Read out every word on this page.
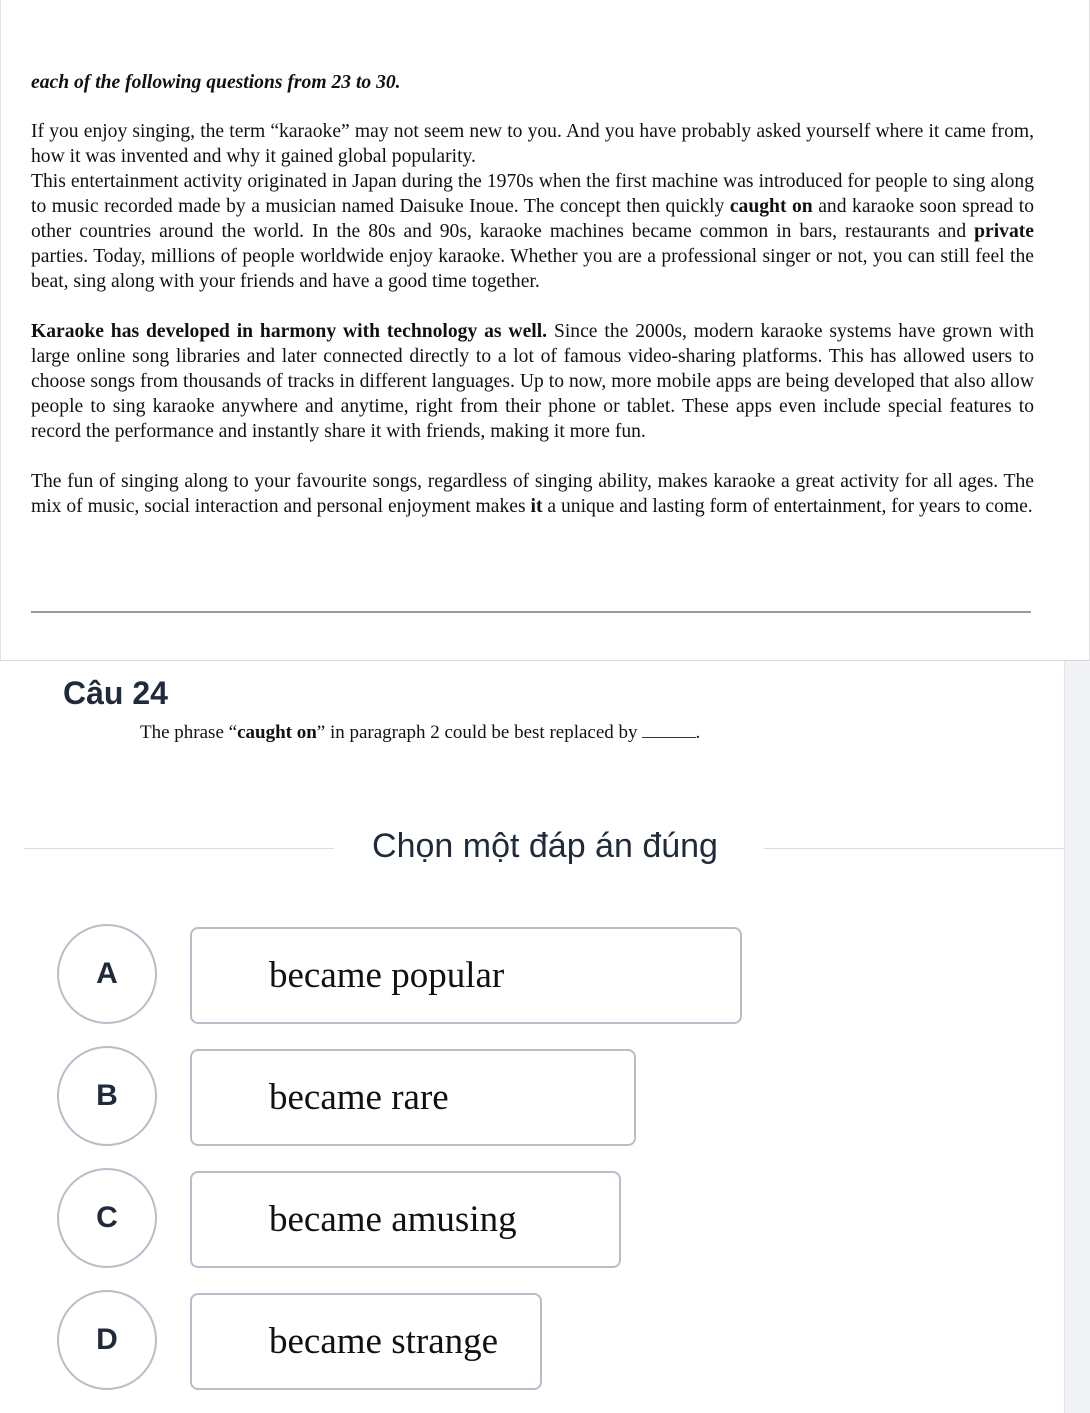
each of the following questions from 23 to 30.

If you enjoy singing, the term “karaoke” may not seem new to you. And you have probably asked yourself where it came from, how it was invented and why it gained global popularity.
This entertainment activity originated in Japan during the 1970s when the first machine was introduced for people to sing along to music recorded made by a musician named Daisuke Inoue. The concept then quickly caught on and karaoke soon spread to other countries around the world. In the 80s and 90s, karaoke machines became common in bars, restaurants and private parties. Today, millions of people worldwide enjoy karaoke. Whether you are a professional singer or not, you can still feel the beat, sing along with your friends and have a good time together.

Karaoke has developed in harmony with technology as well. Since the 2000s, modern karaoke systems have grown with large online song libraries and later connected directly to a lot of famous video-sharing platforms. This has allowed users to choose songs from thousands of tracks in different languages. Up to now, more mobile apps are being developed that also allow people to sing karaoke anywhere and anytime, right from their phone or tablet. These apps even include special features to record the performance and instantly share it with friends, making it more fun.

The fun of singing along to your favourite songs, regardless of singing ability, makes karaoke a great activity for all ages. The mix of music, social interaction and personal enjoyment makes it a unique and lasting form of entertainment, for years to come.

Câu 24
The phrase “caught on” in paragraph 2 could be best replaced by	.
Chọn một đáp án đúng
A	became popular
B	became rare
C	became amusing
D	became strange
